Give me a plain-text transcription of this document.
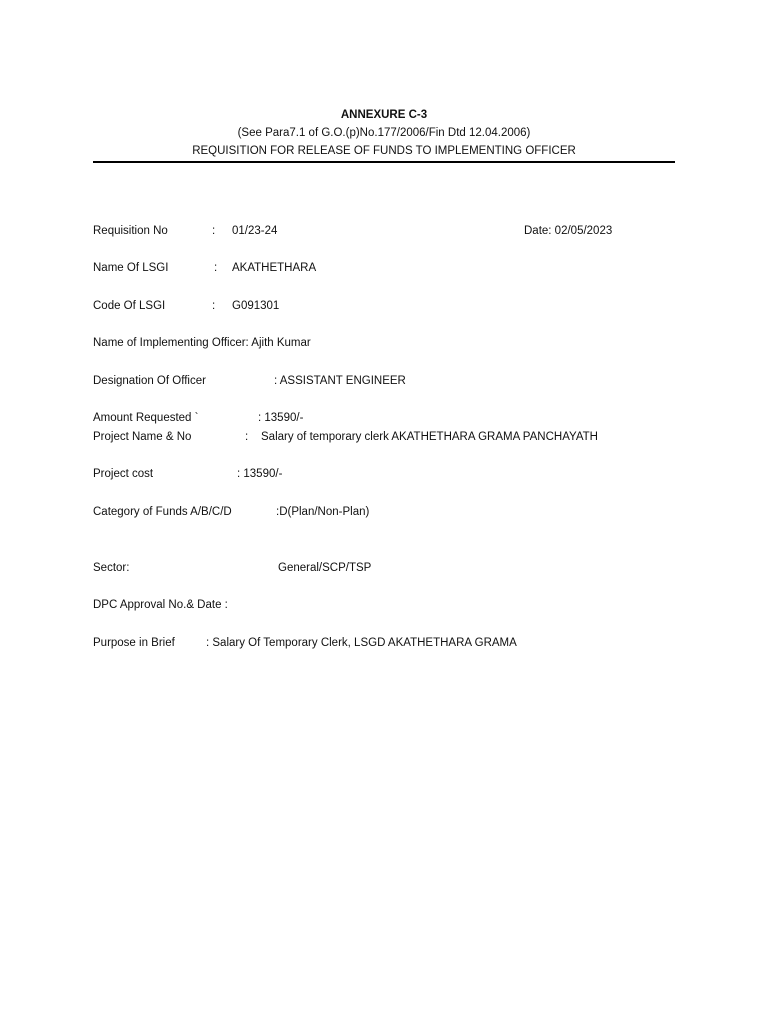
ANNEXURE C-3
(See Para7.1 of G.O.(p)No.177/2006/Fin Dtd 12.04.2006)
REQUISITION FOR RELEASE OF FUNDS TO IMPLEMENTING OFFICER
Requisition No	: 01/23-24	Date: 02/05/2023
Name Of LSGI	: AKATHETHARA
Code Of LSGI	: G091301
Name of Implementing Officer: Ajith Kumar
Designation Of Officer	: ASSISTANT ENGINEER
Amount Requested `	: 13590/-
Project Name & No	: Salary of temporary clerk AKATHETHARA GRAMA PANCHAYATH
Project cost	: 13590/-
Category of Funds A/B/C/D	:D(Plan/Non-Plan)
Sector:	General/SCP/TSP
DPC Approval No.& Date :
Purpose in Brief	: Salary Of Temporary Clerk, LSGD AKATHETHARA GRAMA
